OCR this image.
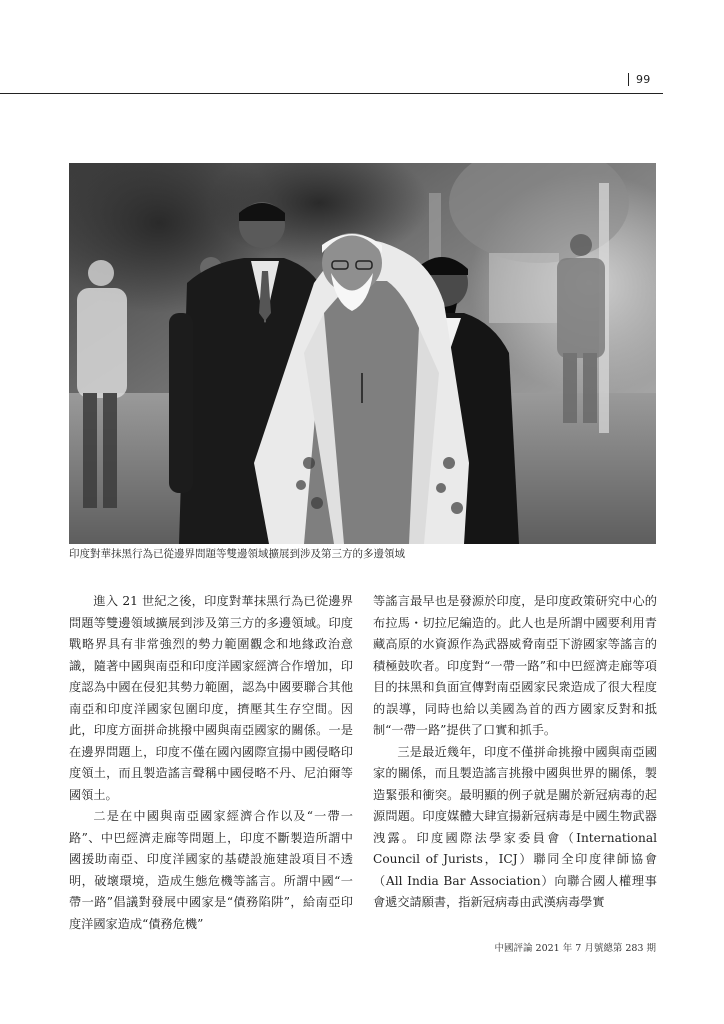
99
印度對華抹黑行為已從邊界問題等雙邊領域擴展到涉及第三方的多邊領域

進入 21 世紀之後，印度對華抹黑行為已從邊界問題等雙邊領域擴展到涉及第三方的多邊領域。印度戰略界具有非常強烈的勢力範圍觀念和地緣政治意識，隨著中國與南亞和印度洋國家經濟合作增加，印度認為中國在侵犯其勢力範圍，認為中國要聯合其他南亞和印度洋國家包圍印度，擠壓其生存空間。因此，印度方面拼命挑撥中國與南亞國家的關係。一是在邊界問題上，印度不僅在國內國際宣揚中國侵略印度領土，而且製造謠言聲稱中國侵略不丹、尼泊爾等國領土。

二是在中國與南亞國家經濟合作以及“一帶一路”、中巴經濟走廊等問題上，印度不斷製造所謂中國援助南亞、印度洋國家的基礎設施建設項目不透明，破壞環境，造成生態危機等謠言。所謂中國“一帶一路”倡議對發展中國家是“債務陷阱”，給南亞印度洋國家造成“債務危機”

等謠言最早也是發源於印度，是印度政策研究中心的布拉馬・切拉尼編造的。此人也是所謂中國要利用青藏高原的水資源作為武器威脅南亞下游國家等謠言的積極鼓吹者。印度對“一帶一路”和中巴經濟走廊等項目的抹黑和負面宣傳對南亞國家民衆造成了很大程度的誤導，同時也給以美國為首的西方國家反對和抵制“一帶一路”提供了口實和抓手。

三是最近幾年，印度不僅拼命挑撥中國與南亞國家的關係，而且製造謠言挑撥中國與世界的關係，製造緊張和衝突。最明顯的例子就是關於新冠病毒的起源問題。印度媒體大肆宣揚新冠病毒是中國生物武器洩露。印度國際法學家委員會（International Council of Jurists，ICJ）聯同全印度律師協會（All India Bar Association）向聯合國人權理事會遞交請願書，指新冠病毒由武漢病毒學實

中國評論 2021 年 7 月號總第 283 期
